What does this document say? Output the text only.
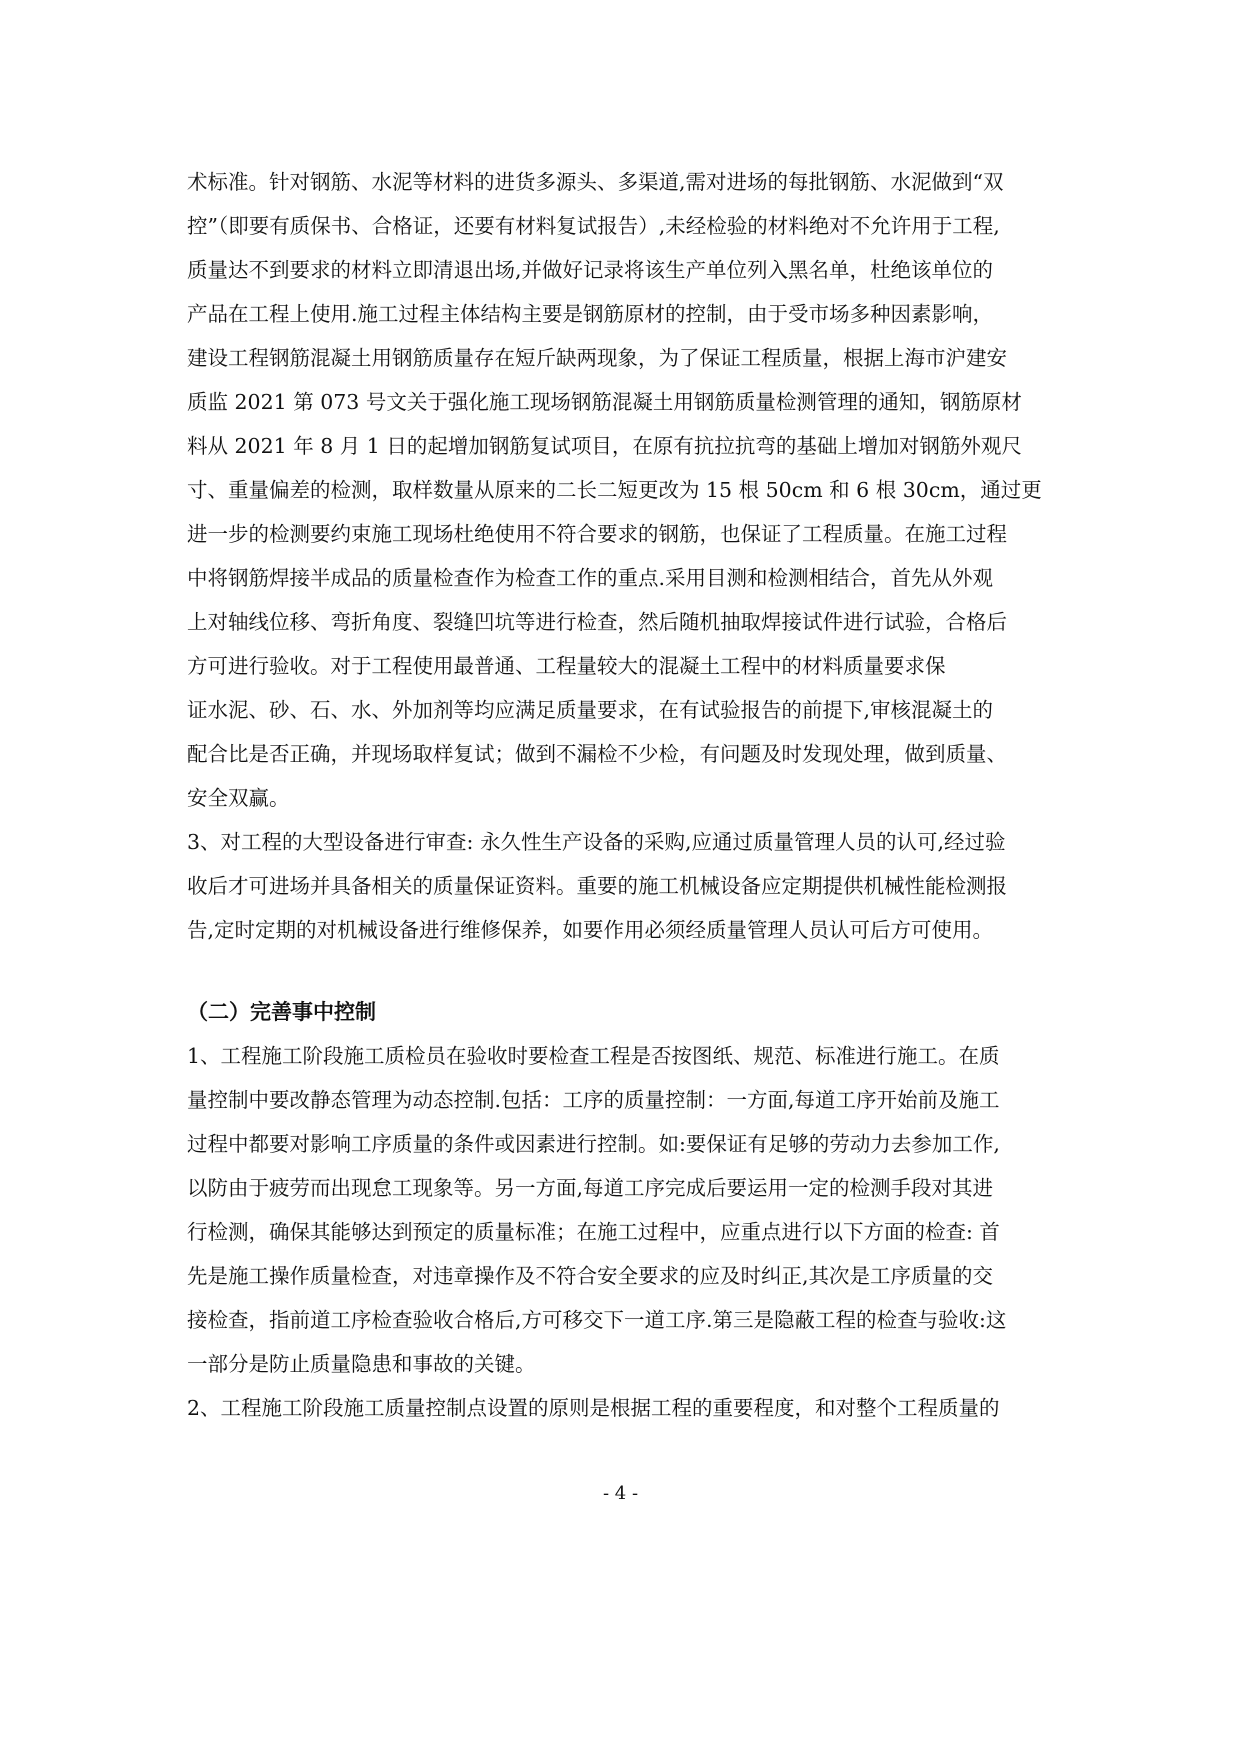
术标准。针对钢筋、水泥等材料的进货多源头、多渠道,需对进场的每批钢筋、水泥做到“双
控”（即要有质保书、合格证，还要有材料复试报告）,未经检验的材料绝对不允许用于工程,
质量达不到要求的材料立即清退出场,并做好记录将该生产单位列入黑名单，杜绝该单位的
产品在工程上使用.施工过程主体结构主要是钢筋原材的控制，由于受市场多种因素影响，
建设工程钢筋混凝土用钢筋质量存在短斤缺两现象，为了保证工程质量，根据上海市沪建安
质监 2021 第 073 号文关于强化施工现场钢筋混凝土用钢筋质量检测管理的通知，钢筋原材
料从 2021 年 8 月 1 日的起增加钢筋复试项目，在原有抗拉抗弯的基础上增加对钢筋外观尺
寸、重量偏差的检测，取样数量从原来的二长二短更改为 15 根 50cm 和 6 根 30cm，通过更
进一步的检测要约束施工现场杜绝使用不符合要求的钢筋，也保证了工程质量。在施工过程
中将钢筋焊接半成品的质量检查作为检查工作的重点.采用目测和检测相结合，首先从外观
上对轴线位移、弯折角度、裂缝凹坑等进行检查，然后随机抽取焊接试件进行试验，合格后
方可进行验收。对于工程使用最普通、工程量较大的混凝土工程中的材料质量要求保
证水泥、砂、石、水、外加剂等均应满足质量要求，在有试验报告的前提下,审核混凝土的
配合比是否正确，并现场取样复试；做到不漏检不少检，有问题及时发现处理，做到质量、
安全双赢。
3、对工程的大型设备进行审查: 永久性生产设备的采购,应通过质量管理人员的认可,经过验
收后才可进场并具备相关的质量保证资料。重要的施工机械设备应定期提供机械性能检测报
告,定时定期的对机械设备进行维修保养，如要作用必须经质量管理人员认可后方可使用。
（二）完善事中控制
1、工程施工阶段施工质检员在验收时要检查工程是否按图纸、规范、标准进行施工。在质
量控制中要改静态管理为动态控制.包括：工序的质量控制：一方面,每道工序开始前及施工
过程中都要对影响工序质量的条件或因素进行控制。如:要保证有足够的劳动力去参加工作,
以防由于疲劳而出现怠工现象等。另一方面,每道工序完成后要运用一定的检测手段对其进
行检测，确保其能够达到预定的质量标准；在施工过程中，应重点进行以下方面的检查: 首
先是施工操作质量检查，对违章操作及不符合安全要求的应及时纠正,其次是工序质量的交
接检查，指前道工序检查验收合格后,方可移交下一道工序.第三是隐蔽工程的检查与验收:这
一部分是防止质量隐患和事故的关键。
2、工程施工阶段施工质量控制点设置的原则是根据工程的重要程度，和对整个工程质量的
- 4 -
